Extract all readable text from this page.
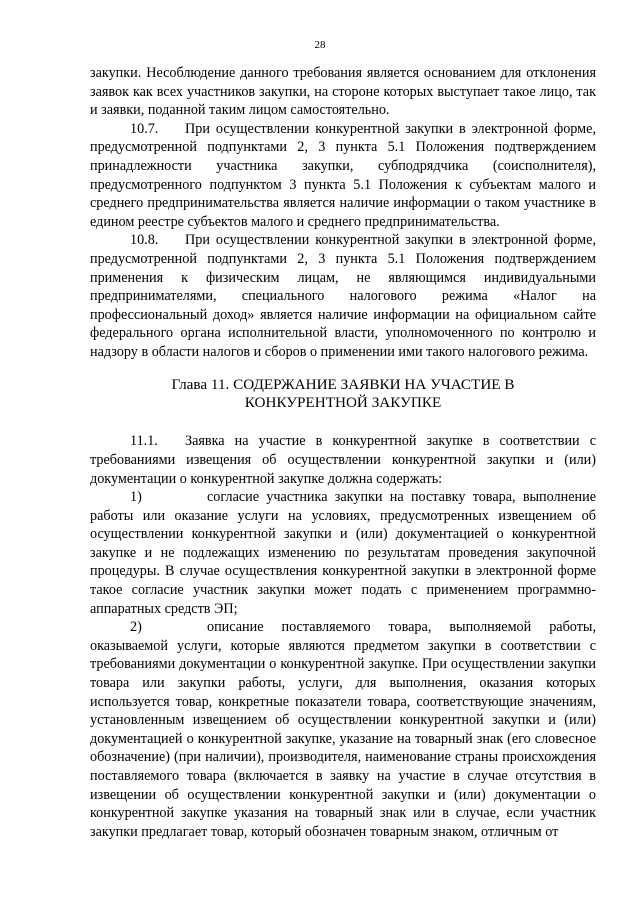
28

закупки. Несоблюдение данного требования является основанием для отклонения заявок как всех участников закупки, на стороне которых выступает такое лицо, так и заявки, поданной таким лицом самостоятельно.

10.7. При осуществлении конкурентной закупки в электронной форме, предусмотренной подпунктами 2, 3 пункта 5.1 Положения подтверждением принадлежности участника закупки, субподрядчика (соисполнителя), предусмотренного подпунктом 3 пункта 5.1 Положения к субъектам малого и среднего предпринимательства является наличие информации о таком участнике в едином реестре субъектов малого и среднего предпринимательства.

10.8. При осуществлении конкурентной закупки в электронной форме, предусмотренной подпунктами 2, 3 пункта 5.1 Положения подтверждением применения к физическим лицам, не являющимся индивидуальными предпринимателями, специального налогового режима «Налог на профессиональный доход» является наличие информации на официальном сайте федерального органа исполнительной власти, уполномоченного по контролю и надзору в области налогов и сборов о применении ими такого налогового режима.

Глава 11. СОДЕРЖАНИЕ ЗАЯВКИ НА УЧАСТИЕ В
КОНКУРЕНТНОЙ ЗАКУПКЕ

11.1. Заявка на участие в конкурентной закупке в соответствии с требованиями извещения об осуществлении конкурентной закупки и (или) документации о конкурентной закупке должна содержать:

1)	согласие участника закупки на поставку товара, выполнение работы или оказание услуги на условиях, предусмотренных извещением об осуществлении конкурентной закупки и (или) документацией о конкурентной закупке и не подлежащих изменению по результатам проведения закупочной процедуры. В случае осуществления конкурентной закупки в электронной форме такое согласие участник закупки может подать с применением программно-аппаратных средств ЭП;

2)	описание поставляемого товара, выполняемой работы, оказываемой услуги, которые являются предметом закупки в соответствии с требованиями документации о конкурентной закупке. При осуществлении закупки товара или закупки работы, услуги, для выполнения, оказания которых используется товар, конкретные показатели товара, соответствующие значениям, установленным извещением об осуществлении конкурентной закупки и (или) документацией о конкурентной закупке, указание на товарный знак (его словесное обозначение) (при наличии), производителя, наименование страны происхождения поставляемого товара (включается в заявку на участие в случае отсутствия в извещении об осуществлении конкурентной закупки и (или) документации о конкурентной закупке указания на товарный знак или в случае, если участник закупки предлагает товар, который обозначен товарным знаком, отличным от
